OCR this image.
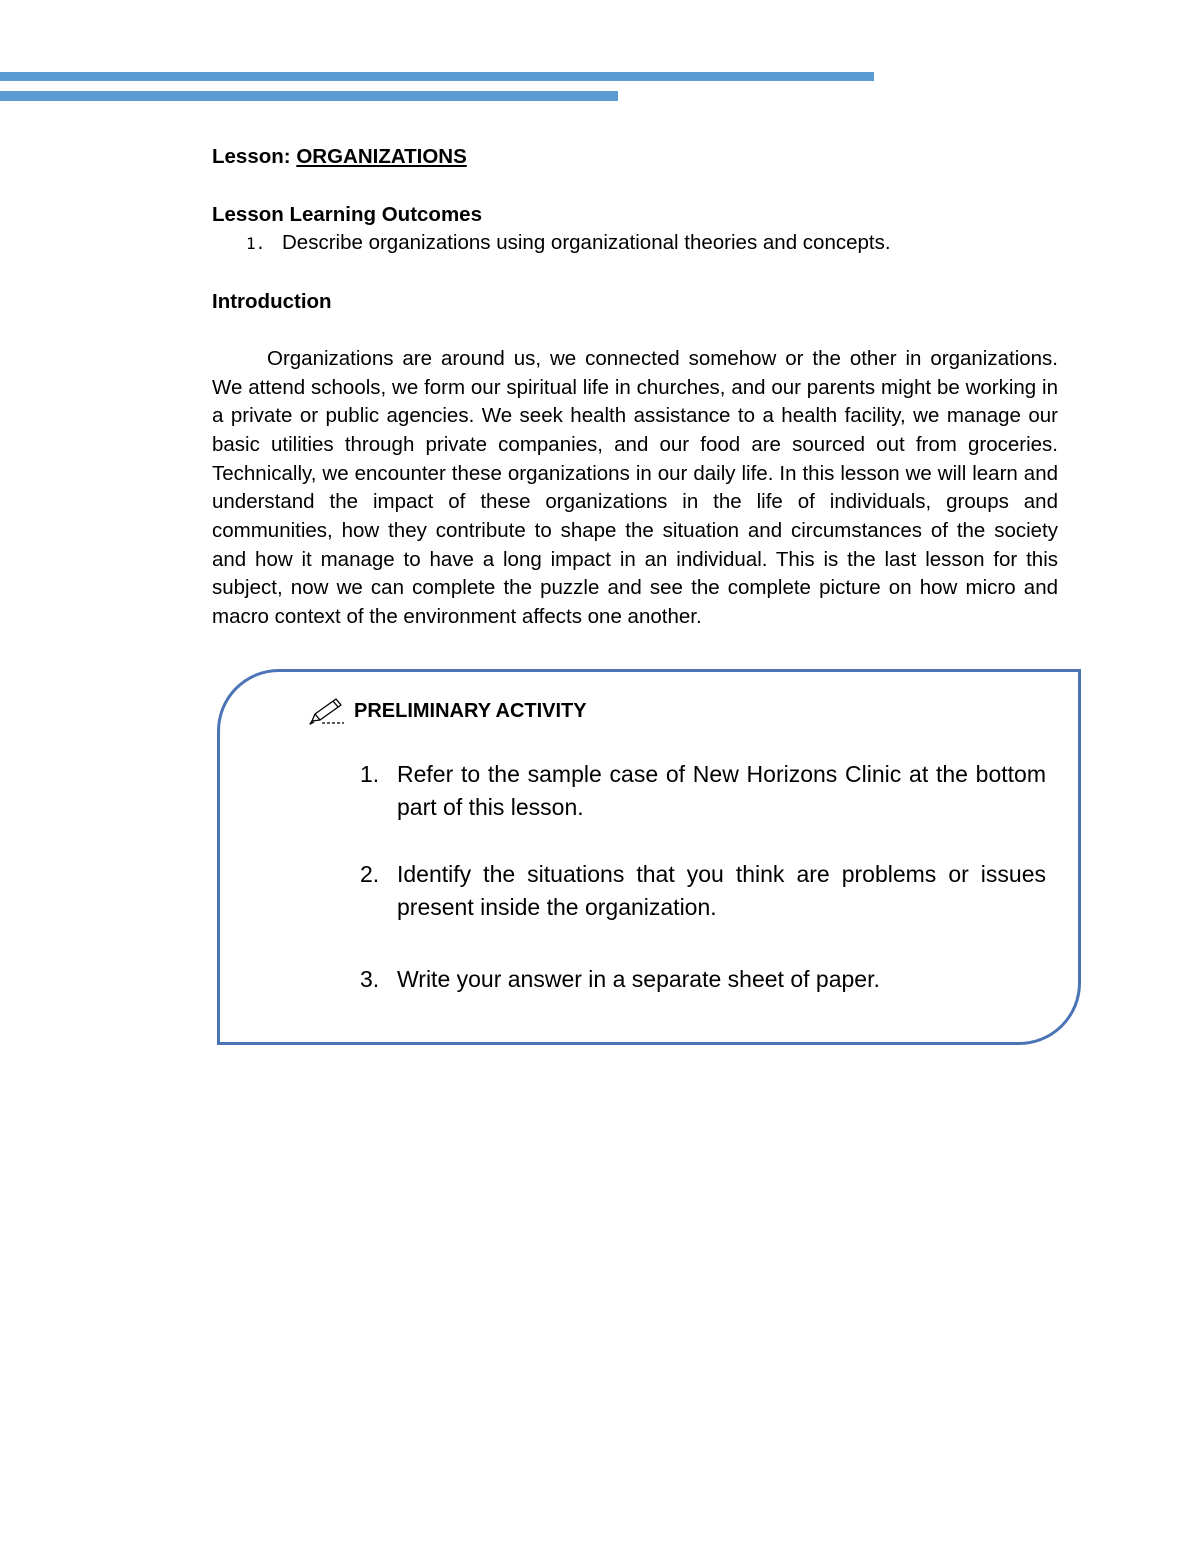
Lesson: ORGANIZATIONS

Lesson Learning Outcomes

1. Describe organizations using organizational theories and concepts.

Introduction

Organizations are around us, we connected somehow or the other in organizations. We attend schools, we form our spiritual life in churches, and our parents might be working in a private or public agencies. We seek health assistance to a health facility, we manage our basic utilities through private companies, and our food are sourced out from groceries. Technically, we encounter these organizations in our daily life. In this lesson we will learn and understand the impact of these organizations in the life of individuals, groups and communities, how they contribute to shape the situation and circumstances of the society and how it manage to have a long impact in an individual. This is the last lesson for this subject, now we can complete the puzzle and see the complete picture on how micro and macro context of the environment affects one another.

PRELIMINARY ACTIVITY
1. Refer to the sample case of New Horizons Clinic at the bottom part of this lesson.
2. Identify the situations that you think are problems or issues present inside the organization.
3. Write your answer in a separate sheet of paper.
